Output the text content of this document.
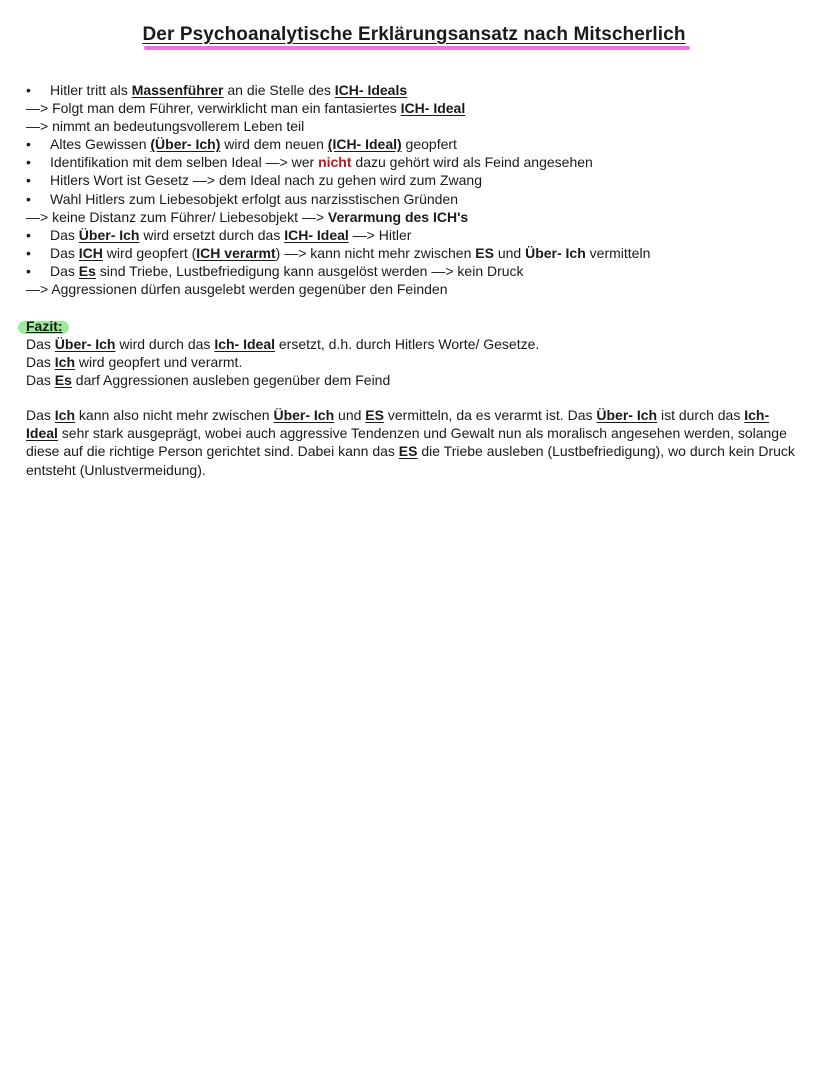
Der Psychoanalytische Erklärungsansatz nach Mitscherlich
• Hitler tritt als Massenführer an die Stelle des ICH- Ideals
—> Folgt man dem Führer, verwirklicht man ein fantasiertes ICH- Ideal
—> nimmt an bedeutungsvollerem Leben teil
• Altes Gewissen (Über- Ich) wird dem neuen (ICH- Ideal) geopfert
• Identifikation mit dem selben Ideal —> wer nicht dazu gehört wird als Feind angesehen
• Hitlers Wort ist Gesetz —> dem Ideal nach zu gehen wird zum Zwang
• Wahl Hitlers zum Liebesobjekt erfolgt aus narzisstischen Gründen
—> keine Distanz zum Führer/ Liebesobjekt —> Verarmung des ICH's
• Das Über- Ich wird ersetzt durch das ICH- Ideal —> Hitler
• Das ICH wird geopfert (ICH verarmt) —> kann nicht mehr zwischen ES und Über- Ich vermitteln
• Das Es sind Triebe, Lustbefriedigung kann ausgelöst werden —> kein Druck
—> Aggressionen dürfen ausgelebt werden gegenüber den Feinden
Fazit:
Das Über- Ich wird durch das Ich- Ideal ersetzt, d.h. durch Hitlers Worte/ Gesetze.
Das Ich wird geopfert und verarmt.
Das Es darf Aggressionen ausleben gegenüber dem Feind
Das Ich kann also nicht mehr zwischen Über- Ich und ES vermitteln, da es verarmt ist. Das Über- Ich ist durch das Ich- Ideal sehr stark ausgeprägt, wobei auch aggressive Tendenzen und Gewalt nun als moralisch angesehen werden, solange diese auf die richtige Person gerichtet sind. Dabei kann das ES die Triebe ausleben (Lustbefriedigung), wo durch kein Druck entsteht (Unlustvermeidung).
